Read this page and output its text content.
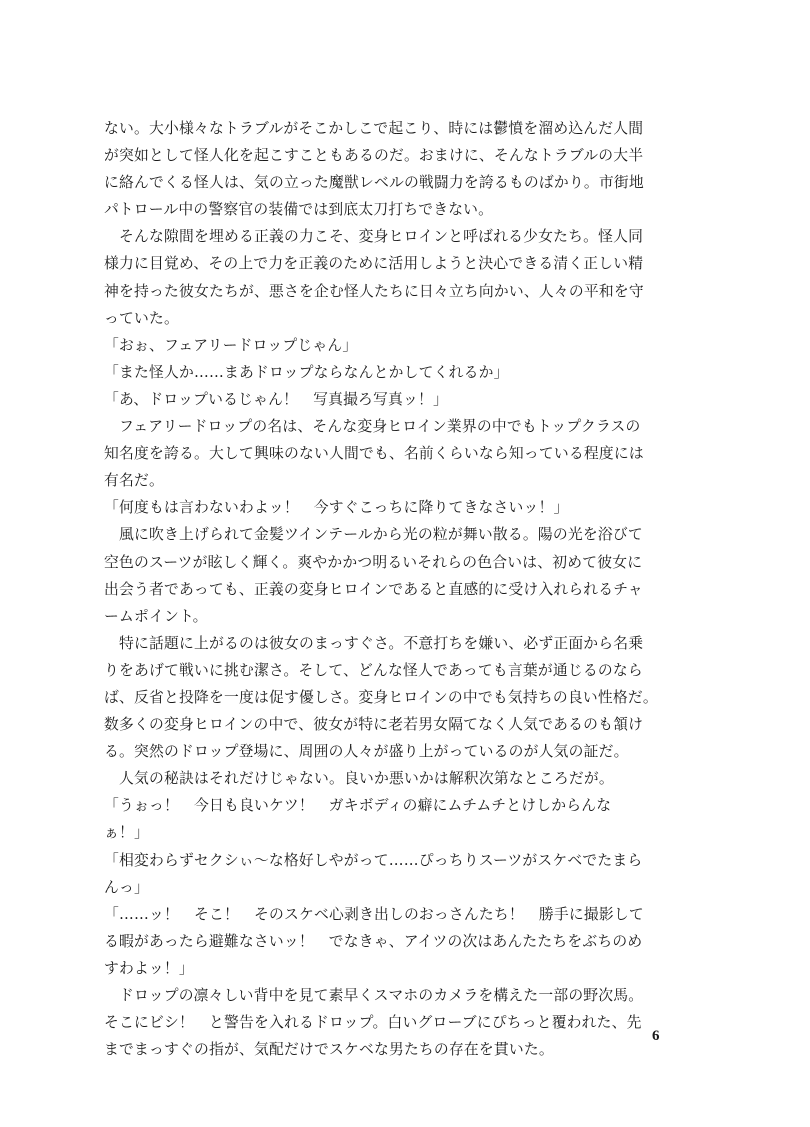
ない。大小様々なトラブルがそこかしこで起こり、時には鬱憤を溜め込んだ人間
が突如として怪人化を起こすこともあるのだ。おまけに、そんなトラブルの大半
に絡んでくる怪人は、気の立った魔獣レベルの戦闘力を誇るものばかり。市街地
パトロール中の警察官の装備では到底太刀打ちできない。
　そんな隙間を埋める正義の力こそ、変身ヒロインと呼ばれる少女たち。怪人同
様力に目覚め、その上で力を正義のために活用しようと決心できる清く正しい精
神を持った彼女たちが、悪さを企む怪人たちに日々立ち向かい、人々の平和を守
っていた。
「おぉ、フェアリードロップじゃん」
「また怪人か……まあドロップならなんとかしてくれるか」
「あ、ドロップいるじゃん！　写真撮ろ写真ッ！」
　フェアリードロップの名は、そんな変身ヒロイン業界の中でもトップクラスの
知名度を誇る。大して興味のない人間でも、名前くらいなら知っている程度には
有名だ。
「何度もは言わないわよッ！　今すぐこっちに降りてきなさいッ！」
　風に吹き上げられて金髪ツインテールから光の粒が舞い散る。陽の光を浴びて
空色のスーツが眩しく輝く。爽やかかつ明るいそれらの色合いは、初めて彼女に
出会う者であっても、正義の変身ヒロインであると直感的に受け入れられるチャ
ームポイント。
　特に話題に上がるのは彼女のまっすぐさ。不意打ちを嫌い、必ず正面から名乗
りをあげて戦いに挑む潔さ。そして、どんな怪人であっても言葉が通じるのなら
ば、反省と投降を一度は促す優しさ。変身ヒロインの中でも気持ちの良い性格だ。
数多くの変身ヒロインの中で、彼女が特に老若男女隔てなく人気であるのも頷け
る。突然のドロップ登場に、周囲の人々が盛り上がっているのが人気の証だ。
　人気の秘訣はそれだけじゃない。良いか悪いかは解釈次第なところだが。
「うぉっ！　今日も良いケツ！　ガキボディの癖にムチムチとけしからんな
ぁ！」
「相変わらずセクシぃ〜な格好しやがって……ぴっちりスーツがスケベでたまら
んっ」
「……ッ！　そこ！　そのスケベ心剥き出しのおっさんたち！　勝手に撮影して
る暇があったら避難なさいッ！　でなきゃ、アイツの次はあんたたちをぶちのめ
すわよッ！」
　ドロップの凛々しい背中を見て素早くスマホのカメラを構えた一部の野次馬。
そこにビシ！　と警告を入れるドロップ。白いグローブにぴちっと覆われた、先
までまっすぐの指が、気配だけでスケベな男たちの存在を貫いた。
6
